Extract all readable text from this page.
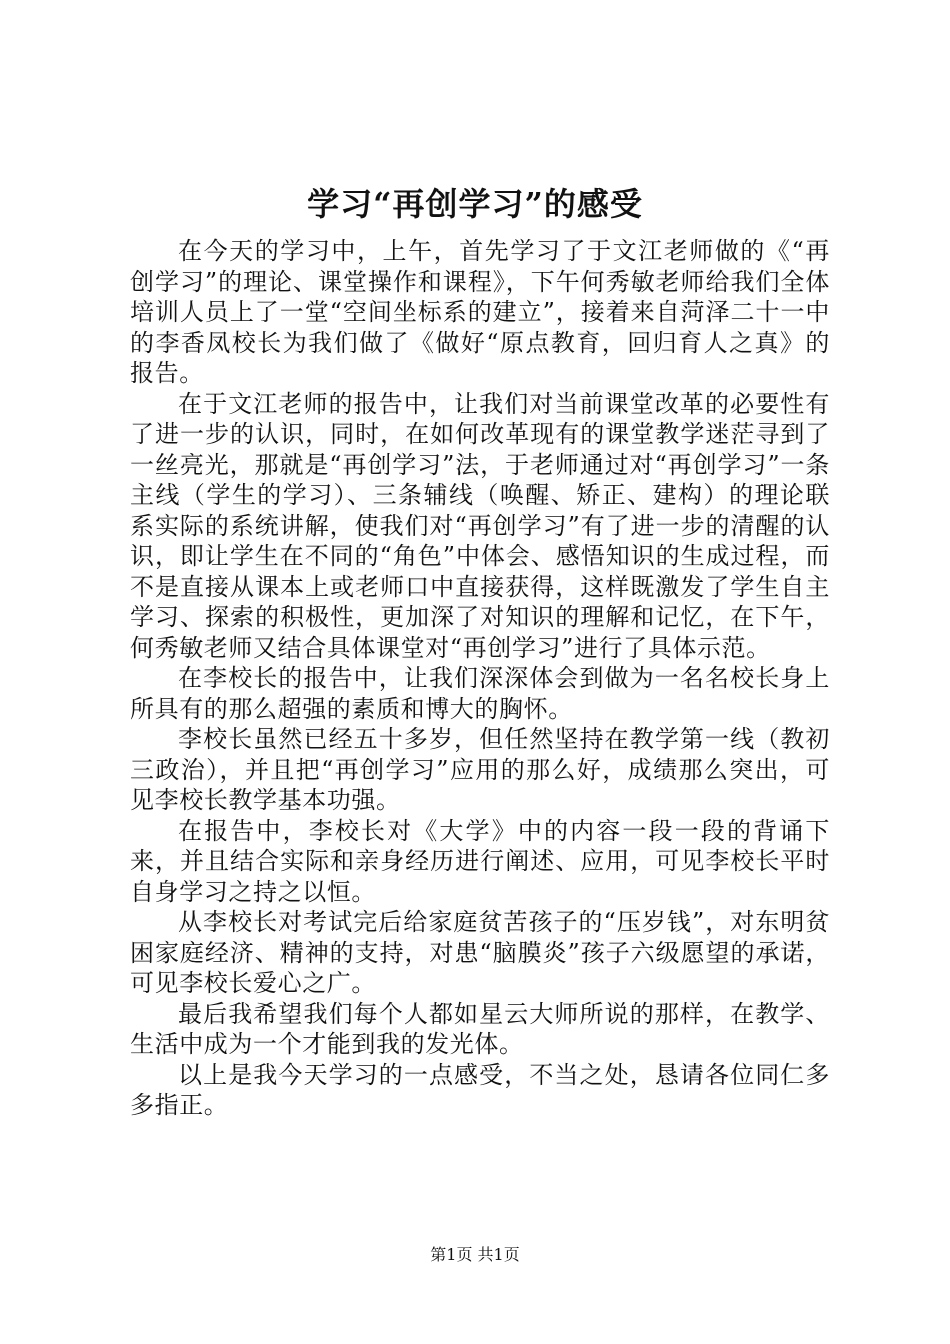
学习“再创学习”的感受

在今天的学习中，上午，首先学习了于文江老师做的《“再创学习”的理论、课堂操作和课程》，下午何秀敏老师给我们全体培训人员上了一堂“空间坐标系的建立”，接着来自菏泽二十一中的李香凤校长为我们做了《做好“原点教育，回归育人之真》的报告。

在于文江老师的报告中，让我们对当前课堂改革的必要性有了进一步的认识，同时，在如何改革现有的课堂教学迷茫寻到了一丝亮光，那就是“再创学习”法，于老师通过对“再创学习”一条主线（学生的学习）、三条辅线（唤醒、矫正、建构）的理论联系实际的系统讲解，使我们对“再创学习”有了进一步的清醒的认识，即让学生在不同的“角色”中体会、感悟知识的生成过程，而不是直接从课本上或老师口中直接获得，这样既激发了学生自主学习、探索的积极性，更加深了对知识的理解和记忆，在下午，何秀敏老师又结合具体课堂对“再创学习”进行了具体示范。

在李校长的报告中，让我们深深体会到做为一名名校长身上所具有的那么超强的素质和博大的胸怀。

李校长虽然已经五十多岁，但任然坚持在教学第一线（教初三政治），并且把“再创学习”应用的那么好，成绩那么突出，可见李校长教学基本功强。

在报告中，李校长对《大学》中的内容一段一段的背诵下来，并且结合实际和亲身经历进行阐述、应用，可见李校长平时自身学习之持之以恒。

从李校长对考试完后给家庭贫苦孩子的“压岁钱”，对东明贫困家庭经济、精神的支持，对患“脑膜炎”孩子六级愿望的承诺，可见李校长爱心之广。

最后我希望我们每个人都如星云大师所说的那样，在教学、生活中成为一个才能到我的发光体。

以上是我今天学习的一点感受，不当之处，恳请各位同仁多多指正。

第1页 共1页
